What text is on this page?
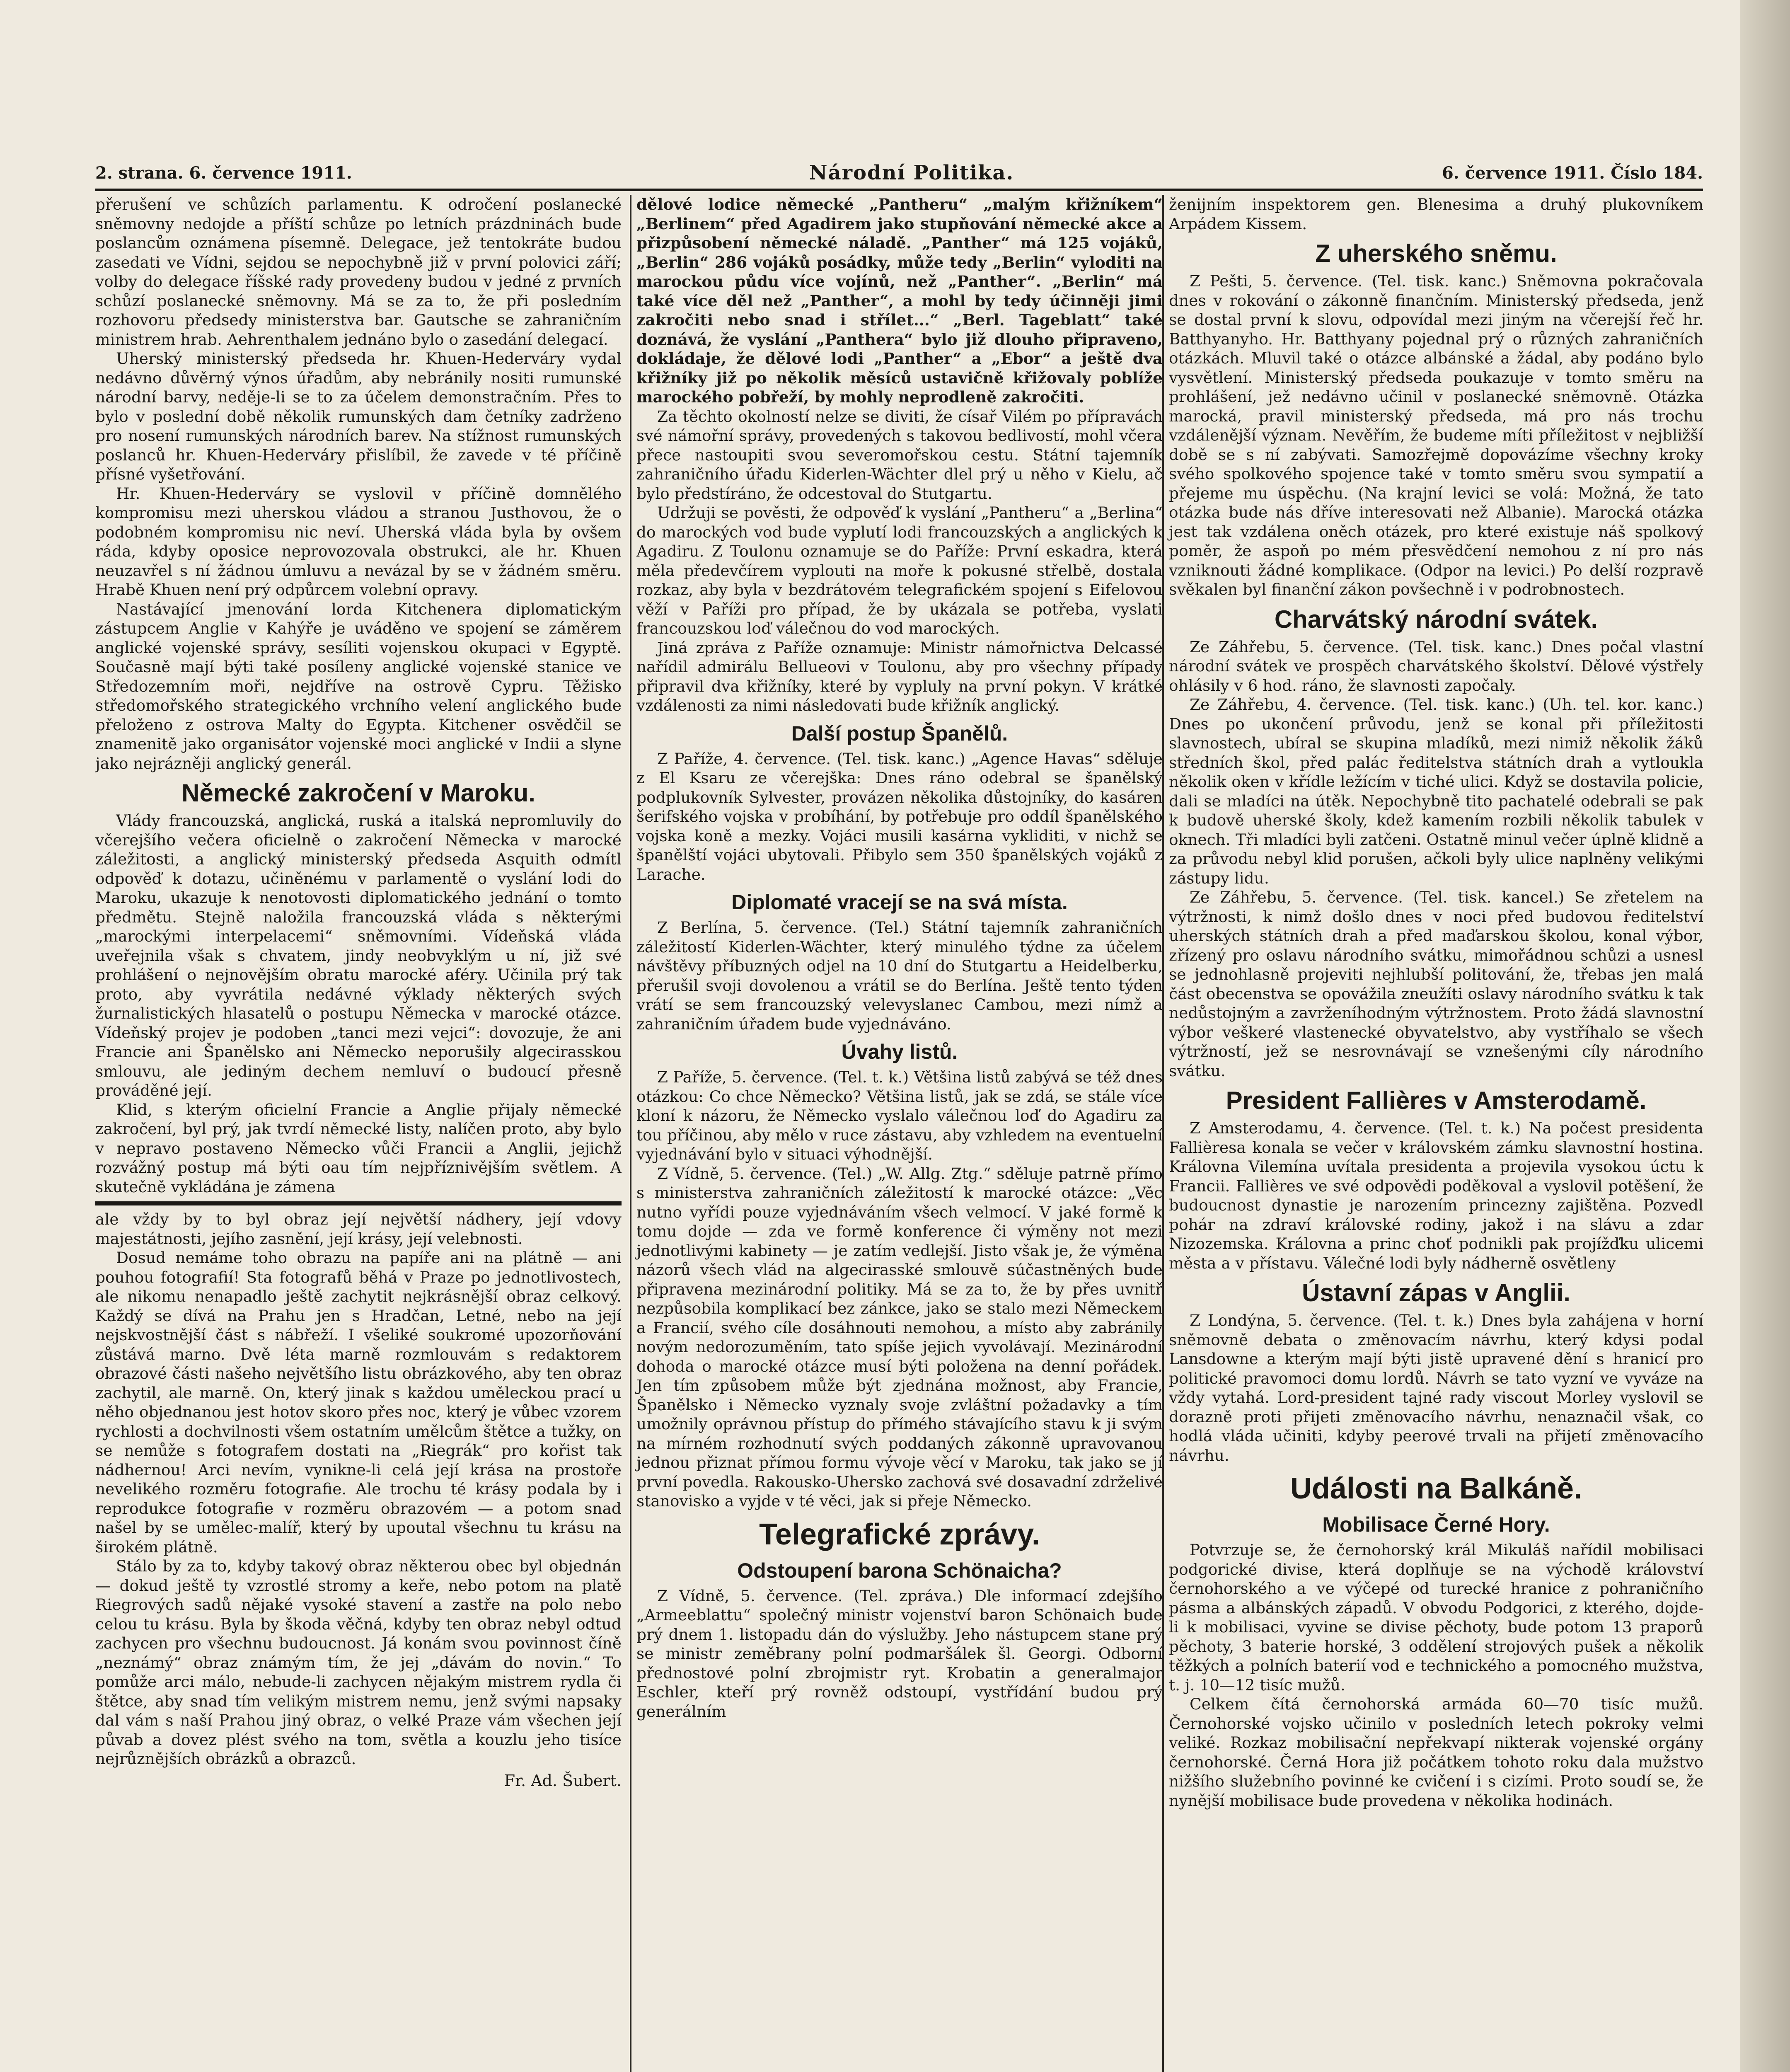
2. strana. 6. července 1911.	Národní Politika.	6. července 1911. Číslo 184.

přerušení ve schůzích parlamentu. K odročení poslanecké sněmovny nedojde a příští schůze po letních prázdninách bude poslancům oznámena písemně. Delegace, jež tentokráte budou zasedati ve Vídni, sejdou se nepochybně již v první polovici září; volby do delegace říšské rady provedeny budou v jedné z prvních schůzí poslanecké sněmovny. Má se za to, že při posledním rozhovoru předsedy ministerstva bar. Gautsche se zahraničním ministrem hrab. Aehrenthalem jednáno bylo o zasedání delegací.

Uherský ministerský předseda hr. Khuen-Hederváry vydal nedávno důvěrný výnos úřadům, aby nebránily nositi rumunské národní barvy, neděje-li se to za účelem demonstračním. Přes to bylo v poslední době několik rumunských dam četníky zadrženo pro nosení rumunských národních barev. Na stížnost rumunských poslanců hr. Khuen-Hederváry přislíbil, že zavede v té příčině přísné vyšetřování.

Hr. Khuen-Hederváry se vyslovil v příčině domnělého kompromisu mezi uherskou vládou a stranou Justhovou, že o podobném kompromisu nic neví. Uherská vláda byla by ovšem ráda, kdyby oposice neprovozovala obstrukci, ale hr. Khuen neuzavřel s ní žádnou úmluvu a nevázal by se v žádném směru. Hrabě Khuen není prý odpůrcem volební opravy.

Nastávající jmenování lorda Kitchenera diplomatickým zástupcem Anglie v Kahýře je uváděno ve spojení se záměrem anglické vojenské správy, sesíliti vojenskou okupaci v Egyptě. Současně mají býti také posíleny anglické vojenské stanice ve Středozemním moři, nejdříve na ostrově Cypru. Těžisko středomořského strategického vrchního velení anglického bude přeloženo z ostrova Malty do Egypta. Kitchener osvědčil se znamenitě jako organisátor vojenské moci anglické v Indii a slyne jako nejrázněji anglický generál.

Německé zakročení v Maroku.

Vlády francouzská, anglická, ruská a italská nepromluvily do včerejšího večera oficielně o zakročení Německa v marocké záležitosti, a anglický ministerský předseda Asquith odmítl odpověď k dotazu, učiněnému v parlamentě o vyslání lodi do Maroku, ukazuje k nenotovosti diplomatického jednání o tomto předmětu. Stejně naložila francouzská vláda s některými „marockými interpelacemi“ sněmovními. Vídeňská vláda uveřejnila však s chvatem, jindy neobvyklým u ní, již své prohlášení o nejnovějším obratu marocké aféry. Učinila prý tak proto, aby vyvrátila nedávné výklady některých svých žurnalistických hlasatelů o postupu Německa v marocké otázce. Vídeňský projev je podoben „tanci mezi vejci“: dovozuje, že ani Francie ani Španělsko ani Německo neporušily algecirasskou smlouvu, ale jediným dechem nemluví o budoucí přesně prováděné její.

Klid, s kterým oficielní Francie a Anglie přijaly německé zakročení, byl prý, jak tvrdí německé listy, nalíčen proto, aby bylo v nepravo postaveno Německo vůči Francii a Anglii, jejichž rozvážný postup má býti oau tím nejpříznivějším světlem. A skutečně vykládána je zámena

ale vždy by to byl obraz její největší nádhery, její vdovy majestátnosti, jejího zasnění, její krásy, její velebnosti.

Dosud nemáme toho obrazu na papíře ani na plátně — ani pouhou fotografií! Sta fotografů běhá v Praze po jednotlivostech, ale nikomu nenapadlo ještě zachytit nejkrásnější obraz celkový. Každý se dívá na Prahu jen s Hradčan, Letné, nebo na její nejskvostnější část s nábřeží. I všeliké soukromé upozorňování zůstává marno. Dvě léta marně rozmlouvám s redaktorem obrazové části našeho největšího listu obrázkového, aby ten obraz zachytil, ale marně. On, který jinak s každou uměleckou prací u něho objednanou jest hotov skoro přes noc, který je vůbec vzorem rychlosti a dochvilnosti všem ostatním umělcům štětce a tužky, on se nemůže s fotografem dostati na „Riegrák“ pro kořist tak nádhernou! Arci nevím, vynikne-li celá její krása na prostoře nevelikého rozměru fotografie. Ale trochu té krásy podala by i reprodukce fotografie v rozměru obrazovém — a potom snad našel by se umělec-malíř, který by upoutal všechnu tu krásu na širokém plátně.

Stálo by za to, kdyby takový obraz některou obec byl objednán — dokud ještě ty vzrostlé stromy a keře, nebo potom na platě Riegrových sadů nějaké vysoké stavení a zastře na polo nebo celou tu krásu. Byla by škoda věčná, kdyby ten obraz nebyl odtud zachycen pro všechnu budoucnost. Já konám svou povinnost číně „neznámý“ obraz známým tím, že jej „dávám do novin.“ To pomůže arci málo, nebude-li zachycen nějakým mistrem rydla či štětce, aby snad tím velikým mistrem nemu, jenž svými napsaky dal vám s naší Prahou jiný obraz, o velké Praze vám všechen její půvab a dovez plést svého na tom, světla a kouzlu jeho tisíce nejrůznějších obrázků a obrazců.

Fr. Ad. Šubert.

dělové lodice německé „Pantheru“ „malým křižníkem“ „Berlinem“ před Agadirem jako stupňování německé akce a přizpůsobení německé náladě. „Panther“ má 125 vojáků, „Berlin“ 286 vojáků posádky, může tedy „Berlin“ vyloditi na marockou půdu více vojínů, než „Panther“. „Berlin“ má také více děl než „Panther“, a mohl by tedy účinněji jimi zakročiti nebo snad i střílet...“ „Berl. Tageblatt“ také doznává, že vyslání „Panthera“ bylo již dlouho připraveno, dokládaje, že dělové lodi „Panther“ a „Ebor“ a ještě dva křižníky již po několik měsíců ustavičně křižovaly poblíže marockého pobřeží, by mohly neprodleně zakročiti.

Za těchto okolností nelze se diviti, že císař Vilém po přípravách své námořní správy, provedených s takovou bedlivostí, mohl včera přece nastoupiti svou severomořskou cestu. Státní tajemník zahraničního úřadu Kiderlen-Wächter dlel prý u něho v Kielu, ač bylo předstíráno, že odcestoval do Stutgartu.

Udržuji se pověsti, že odpověď k vyslání „Pantheru“ a „Berlina“ do marockých vod bude vyplutí lodi francouzských a anglických k Agadiru. Z Toulonu oznamuje se do Paříže: První eskadra, která měla předevčírem vyplouti na moře k pokusné střelbě, dostala rozkaz, aby byla v bezdrátovém telegrafickém spojení s Eifelovou věží v Paříži pro případ, že by ukázala se potřeba, vyslati francouzskou loď válečnou do vod marockých.

Jiná zpráva z Paříže oznamuje: Ministr námořnictva Delcassé nařídil admirálu Bellueovi v Toulonu, aby pro všechny případy připravil dva křižníky, které by vypluly na první pokyn. V krátké vzdálenosti za nimi následovati bude křižník anglický.

Další postup Španělů.

Z Paříže, 4. července. (Tel. tisk. kanc.) „Agence Havas“ sděluje z El Ksaru ze včerejška: Dnes ráno odebral se španělský podplukovník Sylvester, provázen několika důstojníky, do kasáren šerifského vojska v probíhání, by potřebuje pro oddíl španělského vojska koně a mezky. Vojáci musili kasárna vykliditi, v nichž se španělští vojáci ubytovali. Přibylo sem 350 španělských vojáků z Larache.

Diplomaté vracejí se na svá místa.

Z Berlína, 5. července. (Tel.) Státní tajemník zahraničních záležitostí Kiderlen-Wächter, který minulého týdne za účelem návštěvy příbuzných odjel na 10 dní do Stutgartu a Heidelberku, přerušil svoji dovolenou a vrátil se do Berlína. Ještě tento týden vrátí se sem francouzský velevyslanec Cambou, mezi nímž a zahraničním úřadem bude vyjednáváno.

Úvahy listů.

Z Paříže, 5. července. (Tel. t. k.) Většina listů zabývá se též dnes otázkou: Co chce Německo? Většina listů, jak se zdá, se stále více kloní k názoru, že Německo vyslalo válečnou loď do Agadiru za tou příčinou, aby mělo v ruce zástavu, aby vzhledem na eventuelní vyjednávání bylo v situaci výhodnější.

Z Vídně, 5. července. (Tel.) „W. Allg. Ztg.“ sděluje patrně přímo s ministerstva zahraničních záležitostí k marocké otázce: „Věc nutno vyřídi pouze vyjednáváním všech velmocí. V jaké formě k tomu dojde — zda ve formě konference či výměny not mezi jednotlivými kabinety — je zatím vedlejší. Jisto však je, že výměna názorů všech vlád na algecirasské smlouvě súčastněných bude připravena mezinárodní politiky. Má se za to, že by přes uvnitř nezpůsobila komplikací bez zánkce, jako se stalo mezi Německem a Francií, svého cíle dosáhnouti nemohou, a místo aby zabránily novým nedorozuměním, tato spíše jejich vyvolávají. Mezinárodní dohoda o marocké otázce musí býti položena na denní pořádek. Jen tím způsobem může být zjednána možnost, aby Francie, Španělsko i Německo vyznaly svoje zvláštní požadavky a tím umožnily oprávnou přístup do přímého stávajícího stavu k ji svým na mírném rozhodnutí svých poddaných zákonně upravovanou jednou přiznat přímou formu vývoje věcí v Maroku, tak jako se jí první povedla. Rakousko-Uhersko zachová své dosavadní zdrželivé stanovisko a vyjde v té věci, jak si přeje Německo.

Telegrafické zprávy.
Odstoupení barona Schönaicha?

Z Vídně, 5. července. (Tel. zpráva.) Dle informací zdejšího „Armeeblattu“ společný ministr vojenství baron Schönaich bude prý dnem 1. listopadu dán do výslužby. Jeho nástupcem stane prý se ministr zeměbrany polní podmaršálek šl. Georgi. Odborní přednostové polní zbrojmistr ryt. Krobatin a generalmajor Eschler, kteří prý rovněž odstoupí, vystřídání budou prý generálním

ženijním inspektorem gen. Blenesimа a druhý plukovníkem Arpádem Kissem.

Z uherského sněmu.

Z Pešti, 5. července. (Tel. tisk. kanc.) Sněmovna pokračovala dnes v rokování o zákonně finančním. Ministerský předseda, jenž se dostal první k slovu, odpovídal mezi jiným na včerejší řeč hr. Batthyanyho. Hr. Batthyany pojednal prý o různých zahraničních otázkách. Mluvil také o otázce albánské a žádal, aby podáno bylo vysvětlení. Ministerský předseda poukazuje v tomto směru na prohlášení, jež nedávno učinil v poslanecké sněmovně. Otázka marocká, pravil ministerský předseda, má pro nás trochu vzdálenější význam. Nevěřím, že budeme míti příležitost v nejbližší době se s ní zabývati. Samozřejmě dopovázíme všechny kroky svého spolkového spojence také v tomto směru svou sympatií a přejeme mu úspěchu. (Na krajní levici se volá: Možná, že tato otázka bude nás dříve interesovati než Albanie). Marocká otázka jest tak vzdálena oněch otázek, pro které existuje náš spolkový poměr, že aspoň po mém přesvědčení nemohou z ní pro nás vzniknouti žádné komplikace. (Odpor na levici.) Po delší rozpravě svěkalen byl finanční zákon povšechně i v podrobnostech.

Charvátský národní svátek.

Ze Záhřebu, 5. července. (Tel. tisk. kanc.) Dnes počal vlastní národní svátek ve prospěch charvátského školství. Dělové výstřely ohlásily v 6 hod. ráno, že slavnosti započaly.

Ze Záhřebu, 4. července. (Tel. tisk. kanc.) (Uh. tel. kor. kanc.) Dnes po ukončení průvodu, jenž se konal při příležitosti slavnostech, ubíral se skupina mladíků, mezi nimiž několik žáků středních škol, před palác ředitelstva státních drah a vytloukla několik oken v křídle ležícím v tiché ulici. Když se dostavila policie, dali se mladíci na útěk. Nepochybně tito pachatelé odebrali se pak k budově uherské školy, kdež kamením rozbili několik tabulek v oknech. Tři mladíci byli zatčeni. Ostatně minul večer úplně klidně a za průvodu nebyl klid porušen, ačkoli byly ulice naplněny velikými zástupy lidu.

Ze Záhřebu, 5. července. (Tel. tisk. kancel.) Se zřetelem na výtržnosti, k nimž došlo dnes v noci před budovou ředitelství uherských státních drah a před maďarskou školou, konal výbor, zřízený pro oslavu národního svátku, mimořádnou schůzi a usnesl se jednohlasně projeviti nejhlubší politování, že, třebas jen malá část obecenstva se opovážila zneužíti oslavy národního svátku k tak nedůstojným a zavrženíhodným výtržnostem. Proto žádá slavnostní výbor veškeré vlastenecké obyvatelstvo, aby vystříhalo se všech výtržností, jež se nesrovnávají se vznešenými cíly národního svátku.

President Fallières v Amsterodamě.

Z Amsterodamu, 4. července. (Tel. t. k.) Na počest presidenta Fallièresa konala se večer v královském zámku slavnostní hostina. Královna Vilemína uvítala presidenta a projevila vysokou úctu k Francii. Fallières ve své odpovědi poděkoval a vyslovil potěšení, že budoucnost dynastie je narozením princezny zajištěna. Pozvedl pohár na zdraví královské rodiny, jakož i na slávu a zdar Nizozemska. Královna a princ choť podnikli pak projížďku ulicemi města a v přístavu. Válečné lodi byly nádherně osvětleny

Ústavní zápas v Anglii.

Z Londýna, 5. července. (Tel. t. k.) Dnes byla zahájena v horní sněmovně debata o změnovacím návrhu, který kdysi podal Lansdowne a kterým mají býti jistě upravené dění s hranicí pro politické pravomoci domu lordů. Návrh se tato vyzní ve vyváze na vždy vytahá. Lord-president tajné rady viscout Morley vyslovil se dorazně proti přijeti změnovacího návrhu, nenaznačil však, co hodlá vláda učiniti, kdyby peerové trvali na přijetí změnovacího návrhu.

Události na Balkáně.
Mobilisace Černé Hory.

Potvrzuje se, že černohorský král Mikuláš nařídil mobilisaci podgorické divise, která doplňuje se na východě království černohorského a ve výčepé od turecké hranice z pohraničního pásma a albánských západů. V obvodu Podgorici, z kterého, dojde-li k mobilisaci, vyvine se divise pěchoty, bude potom 13 praporů pěchoty, 3 baterie horské, 3 oddělení strojových pušek a několik těžkých a polních baterií vod e technického a pomocného mužstva, t. j. 10—12 tisíc mužů.

Celkem čítá černohorská armáda 60—70 tisíc mužů. Černohorské vojsko učinilo v posledních letech pokroky velmi veliké. Rozkaz mobilisační nepřekvapí nikterak vojenské orgány černohorské. Černá Hora již počátkem tohoto roku dala mužstvo nižšího služebního povinné ke cvičení i s cizími. Proto soudí se, že nynější mobilisace bude provedena v několika hodinách.
